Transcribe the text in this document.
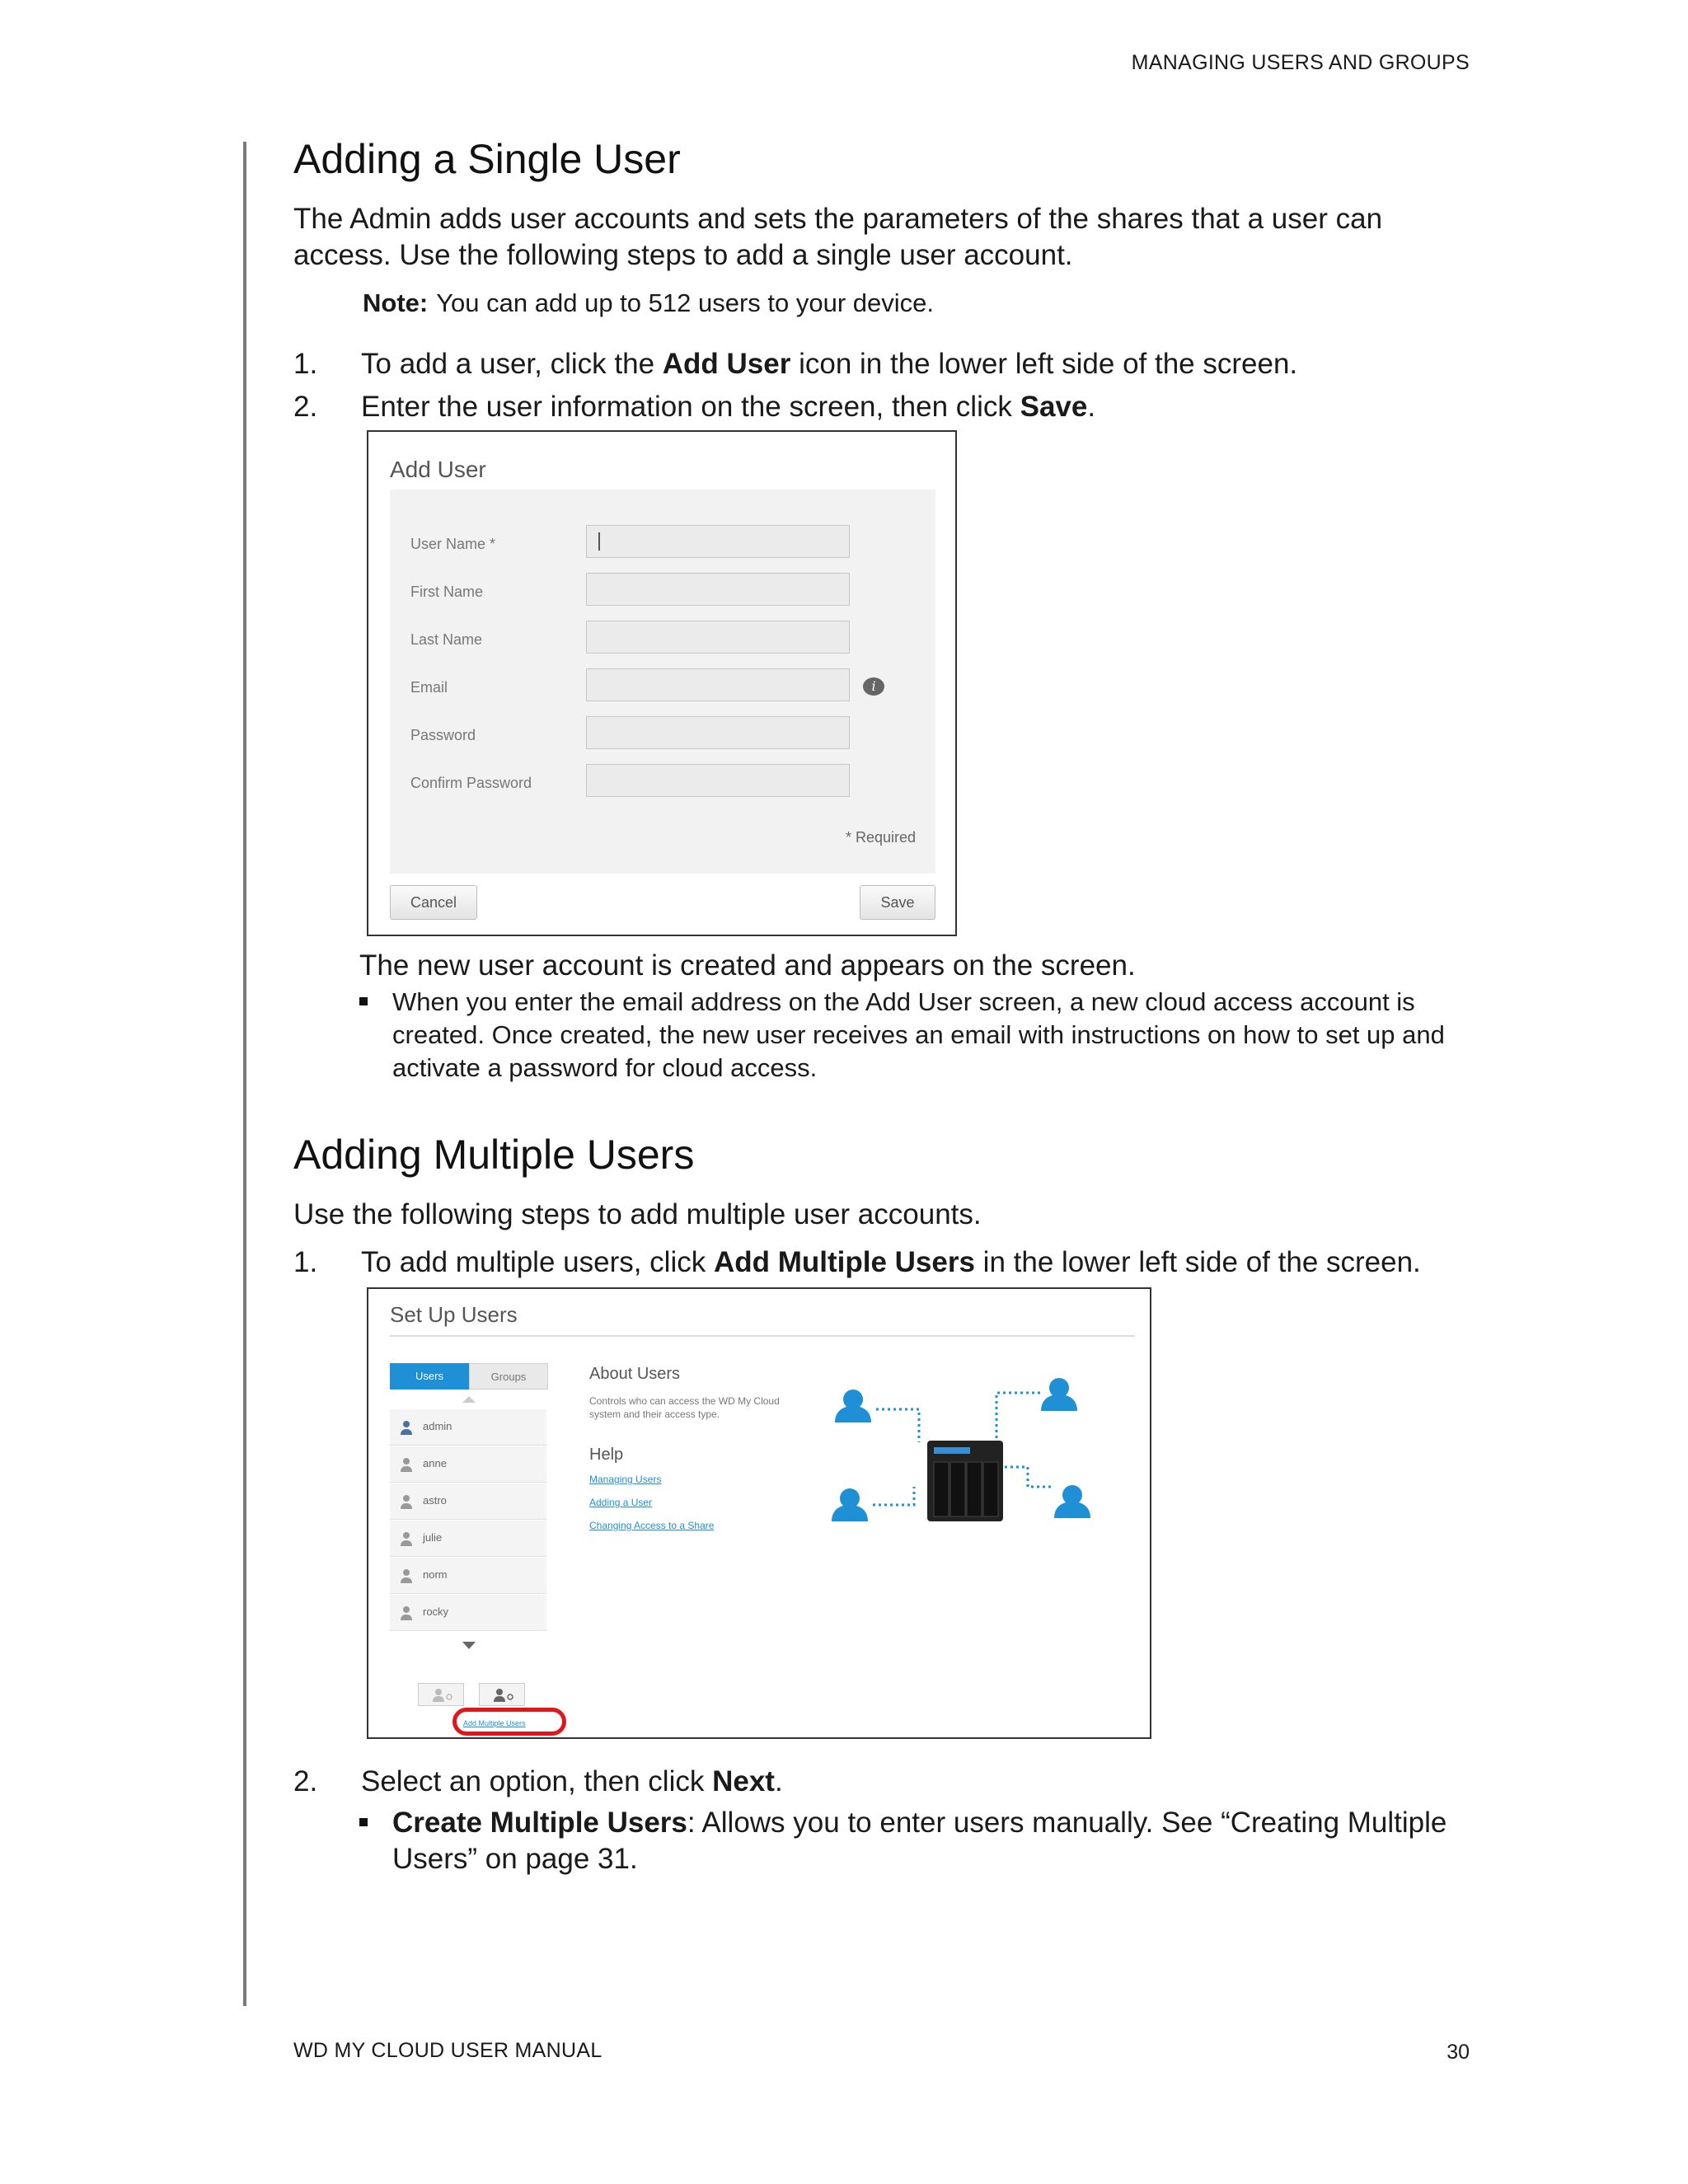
MANAGING USERS AND GROUPS
Adding a Single User
The Admin adds user accounts and sets the parameters of the shares that a user can
access. Use the following steps to add a single user account.
Note: You can add up to 512 users to your device.
1. To add a user, click the Add User icon in the lower left side of the screen.
2. Enter the user information on the screen, then click Save.
Add User
User Name *
First Name
Last Name
Email	i
Password
Confirm Password
* Required
Cancel	Save
The new user account is created and appears on the screen.
When you enter the email address on the Add User screen, a new cloud access account is created. Once created, the new user receives an email with instructions on how to set up and activate a password for cloud access.
Adding Multiple Users
Use the following steps to add multiple user accounts.
1. To add multiple users, click Add Multiple Users in the lower left side of the screen.
Set Up Users
Users	Groups
admin
anne
astro
julie
norm
rocky
Add Multiple Users
About Users
Controls who can access the WD My Cloud system and their access type.
Help
Managing Users
Adding a User
Changing Access to a Share
2. Select an option, then click Next.
Create Multiple Users: Allows you to enter users manually. See “Creating Multiple Users” on page 31.
WD MY CLOUD USER MANUAL	30
